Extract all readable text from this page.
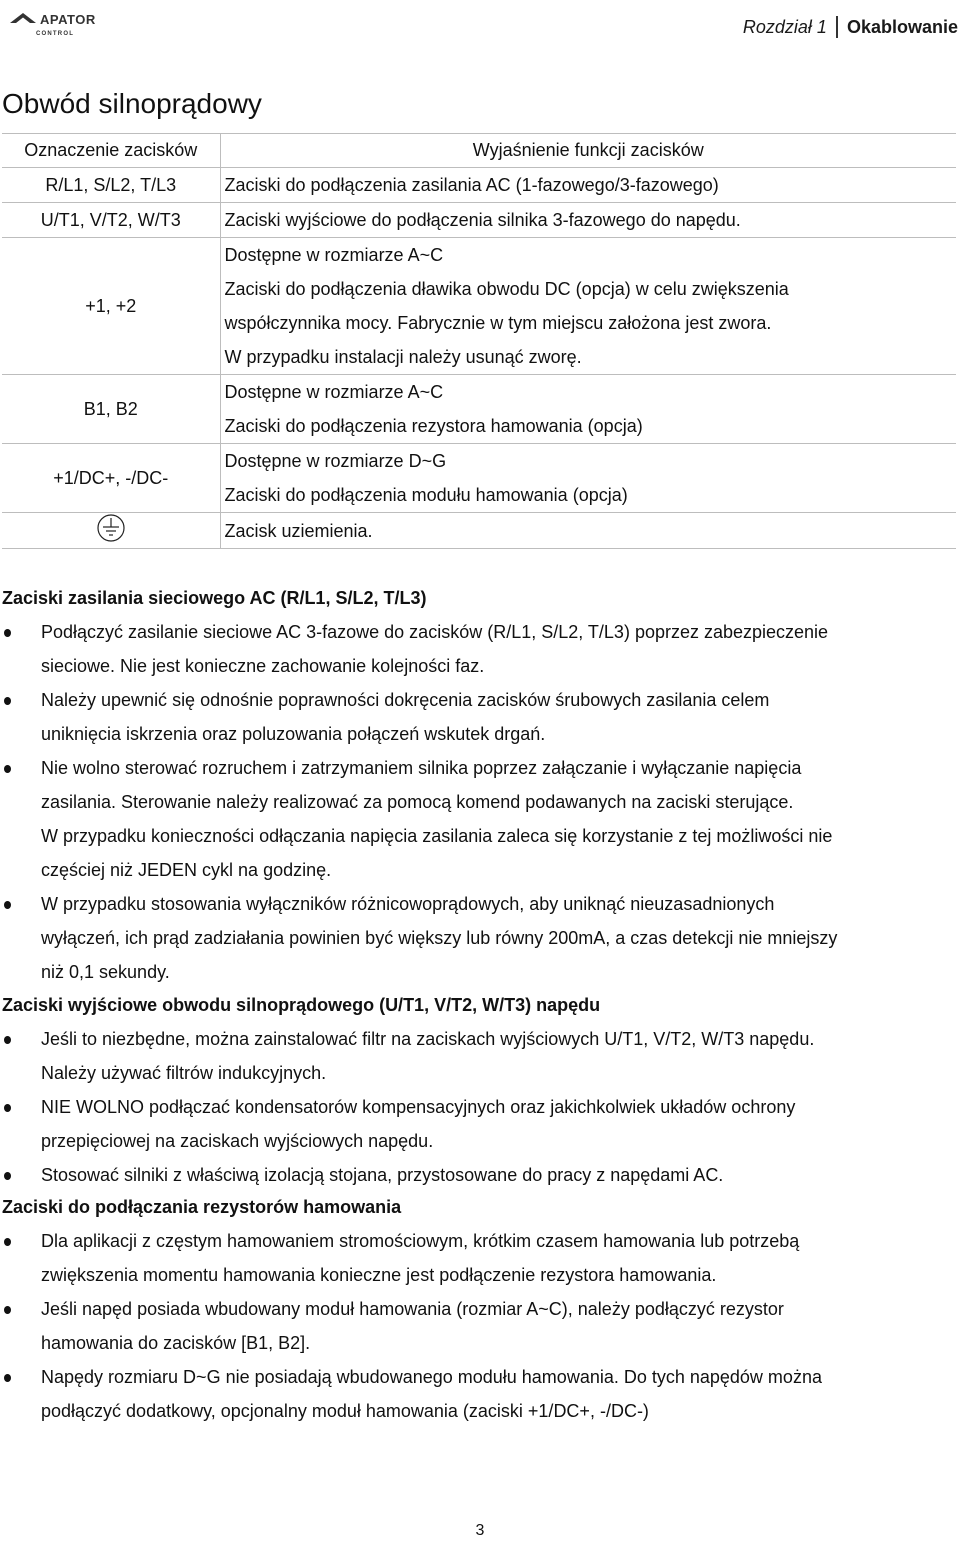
APATOR
CONTROL	Rozdział 1 Okablowanie
Obwód silnoprądowy
Oznaczenie zacisków	Wyjaśnienie funkcji zacisków
R/L1, S/L2, T/L3	Zaciski do podłączenia zasilania AC (1-fazowego/3-fazowego)

U/T1, V/T2, W/T3	Zaciski wyjściowe do podłączenia silnika 3-fazowego do napędu.

+1, +2	Dostępne w rozmiarze A~C
Zaciski do podłączenia dławika obwodu DC (opcja) w celu zwiększenia
współczynnika mocy. Fabrycznie w tym miejscu założona jest zwora.
W przypadku instalacji należy usunąć zworę.

B1, B2	Dostępne w rozmiarze A~C
Zaciski do podłączenia rezystora hamowania (opcja)

+1/DC+, -/DC-	Dostępne w rozmiarze D~G
Zaciski do podłączenia modułu hamowania (opcja)

Zacisk uziemienia.
Zaciski zasilania sieciowego AC (R/L1, S/L2, T/L3)
Podłączyć zasilanie sieciowe AC 3-fazowe do zacisków (R/L1, S/L2, T/L3) poprzez zabezpieczenie
sieciowe. Nie jest konieczne zachowanie kolejności faz.
Należy upewnić się odnośnie poprawności dokręcenia zacisków śrubowych zasilania celem
uniknięcia iskrzenia oraz poluzowania połączeń wskutek drgań.
Nie wolno sterować rozruchem i zatrzymaniem silnika poprzez załączanie i wyłączanie napięcia
zasilania. Sterowanie należy realizować za pomocą komend podawanych na zaciski sterujące.
W przypadku konieczności odłączania napięcia zasilania zaleca się korzystanie z tej możliwości nie
częściej niż JEDEN cykl na godzinę.
W przypadku stosowania wyłączników różnicowoprądowych, aby uniknąć nieuzasadnionych
wyłączeń, ich prąd zadziałania powinien być większy lub równy 200mA, a czas detekcji nie mniejszy
niż 0,1 sekundy.
Zaciski wyjściowe obwodu silnoprądowego (U/T1, V/T2, W/T3) napędu
Jeśli to niezbędne, można zainstalować filtr na zaciskach wyjściowych U/T1, V/T2, W/T3 napędu.
Należy używać filtrów indukcyjnych.
NIE WOLNO podłączać kondensatorów kompensacyjnych oraz jakichkolwiek układów ochrony
przepięciowej na zaciskach wyjściowych napędu.
Stosować silniki z właściwą izolacją stojana, przystosowane do pracy z napędami AC.
Zaciski do podłączania rezystorów hamowania
Dla aplikacji z częstym hamowaniem stromościowym, krótkim czasem hamowania lub potrzebą
zwiększenia momentu hamowania konieczne jest podłączenie rezystora hamowania.
Jeśli napęd posiada wbudowany moduł hamowania (rozmiar A~C), należy podłączyć rezystor
hamowania do zacisków [B1, B2].
Napędy rozmiaru D~G nie posiadają wbudowanego modułu hamowania. Do tych napędów można
podłączyć dodatkowy, opcjonalny moduł hamowania (zaciski +1/DC+, -/DC-)
3
